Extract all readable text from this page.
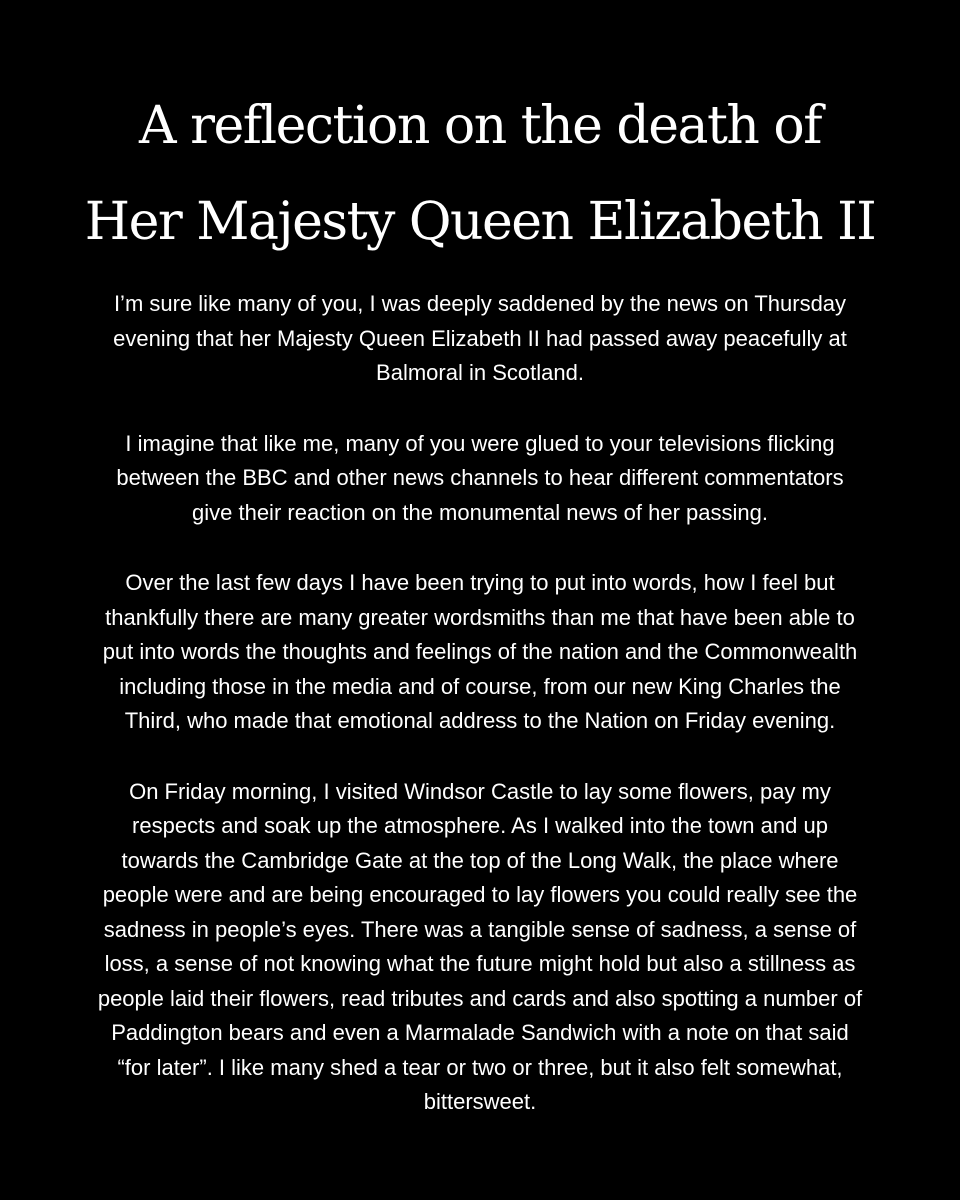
A reflection on the death of
Her Majesty Queen Elizabeth II

I’m sure like many of you, I was deeply saddened by the news on Thursday
evening that her Majesty Queen Elizabeth II had passed away peacefully at
Balmoral in Scotland.

I imagine that like me, many of you were glued to your televisions flicking
between the BBC and other news channels to hear different commentators
give their reaction on the monumental news of her passing.

Over the last few days I have been trying to put into words, how I feel but
thankfully there are many greater wordsmiths than me that have been able to
put into words the thoughts and feelings of the nation and the Commonwealth
including those in the media and of course, from our new King Charles the
Third, who made that emotional address to the Nation on Friday evening.

On Friday morning, I visited Windsor Castle to lay some flowers, pay my
respects and soak up the atmosphere. As I walked into the town and up
towards the Cambridge Gate at the top of the Long Walk, the place where
people were and are being encouraged to lay flowers you could really see the
sadness in people’s eyes. There was a tangible sense of sadness, a sense of
loss, a sense of not knowing what the future might hold but also a stillness as
people laid their flowers, read tributes and cards and also spotting a number of
Paddington bears and even a Marmalade Sandwich with a note on that said
“for later”. I like many shed a tear or two or three, but it also felt somewhat,
bittersweet.
